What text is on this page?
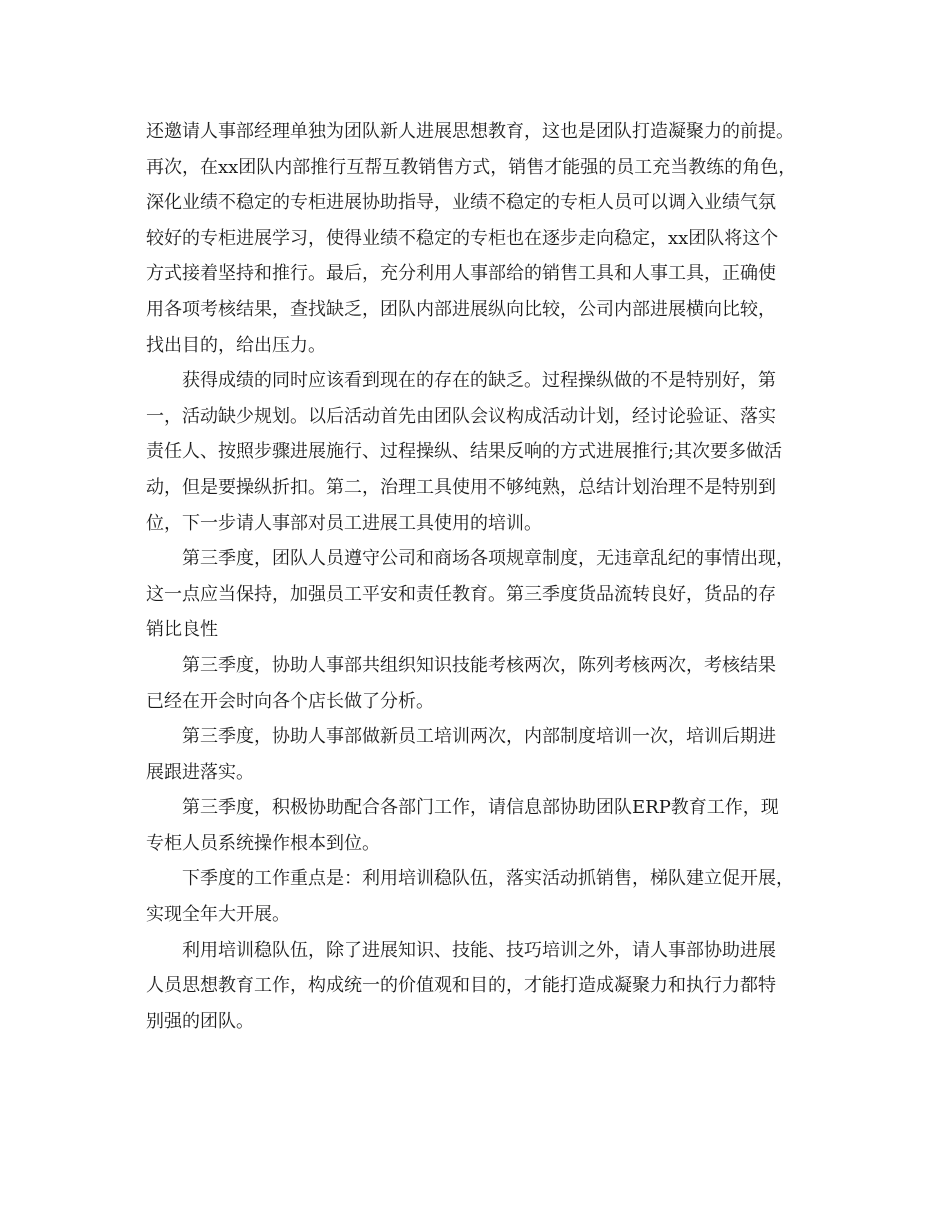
还邀请人事部经理单独为团队新人进展思想教育，这也是团队打造凝聚力的前提。
再次，在xx团队内部推行互帮互教销售方式，销售才能强的员工充当教练的角色，
深化业绩不稳定的专柜进展协助指导，业绩不稳定的专柜人员可以调入业绩气氛
较好的专柜进展学习，使得业绩不稳定的专柜也在逐步走向稳定，xx团队将这个
方式接着坚持和推行。最后，充分利用人事部给的销售工具和人事工具，正确使
用各项考核结果，查找缺乏，团队内部进展纵向比较，公司内部进展横向比较，
找出目的，给出压力。
获得成绩的同时应该看到现在的存在的缺乏。过程操纵做的不是特别好，第
一，活动缺少规划。以后活动首先由团队会议构成活动计划，经讨论验证、落实
责任人、按照步骤进展施行、过程操纵、结果反响的方式进展推行;其次要多做活
动，但是要操纵折扣。第二，治理工具使用不够纯熟，总结计划治理不是特别到
位，下一步请人事部对员工进展工具使用的培训。
第三季度，团队人员遵守公司和商场各项规章制度，无违章乱纪的事情出现，
这一点应当保持，加强员工平安和责任教育。第三季度货品流转良好，货品的存
销比良性
第三季度，协助人事部共组织知识技能考核两次，陈列考核两次，考核结果
已经在开会时向各个店长做了分析。
第三季度，协助人事部做新员工培训两次，内部制度培训一次，培训后期进
展跟进落实。
第三季度，积极协助配合各部门工作，请信息部协助团队ERP教育工作，现
专柜人员系统操作根本到位。
下季度的工作重点是：利用培训稳队伍，落实活动抓销售，梯队建立促开展，
实现全年大开展。
利用培训稳队伍，除了进展知识、技能、技巧培训之外，请人事部协助进展
人员思想教育工作，构成统一的价值观和目的，才能打造成凝聚力和执行力都特
别强的团队。
